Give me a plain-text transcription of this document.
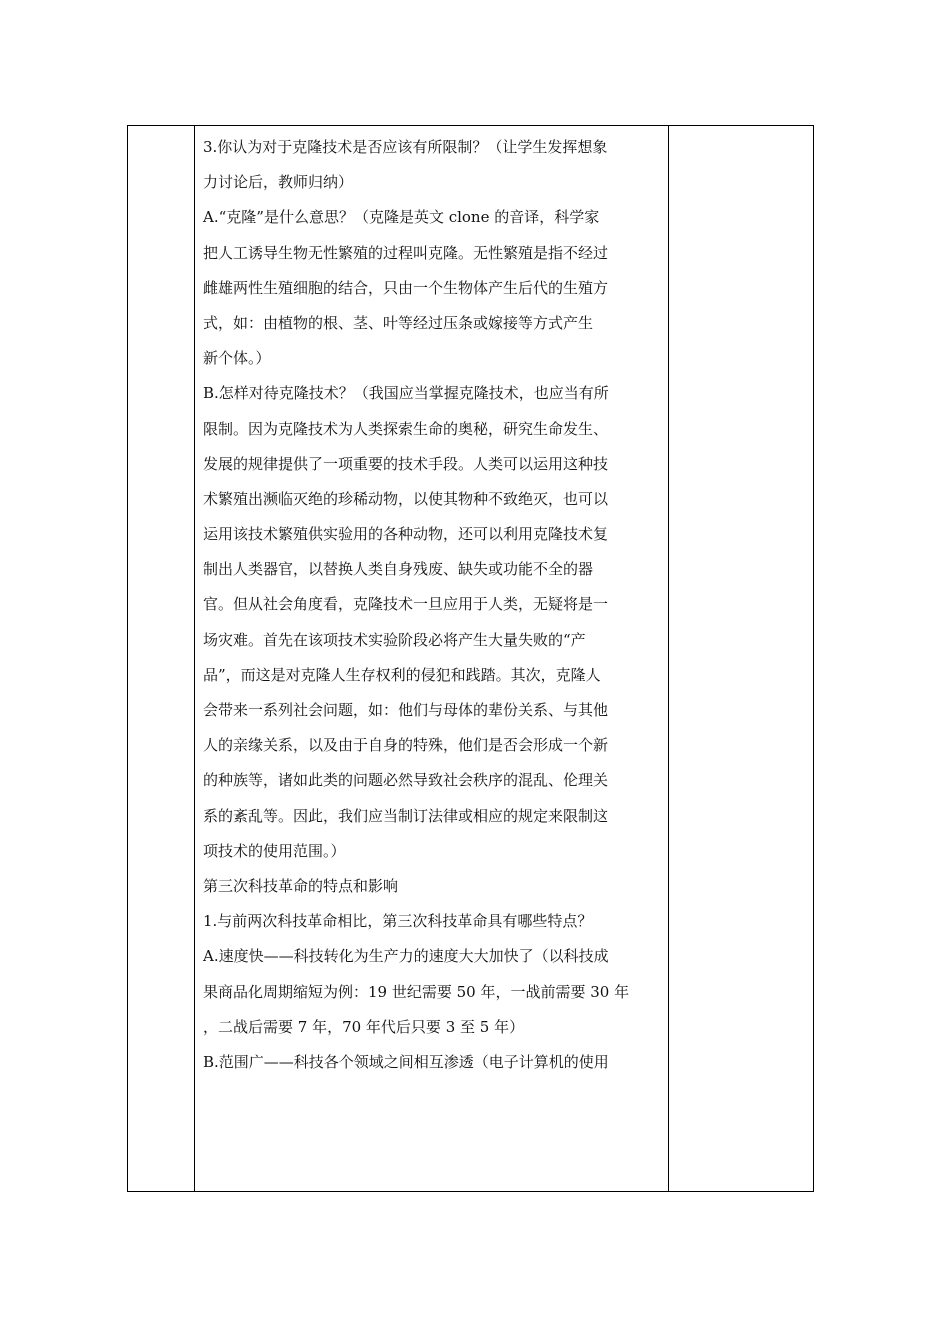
3.你认为对于克隆技术是否应该有所限制？（让学生发挥想象
力讨论后，教师归纳）
A.“克隆”是什么意思？（克隆是英文 clone 的音译，科学家
把人工诱导生物无性繁殖的过程叫克隆。无性繁殖是指不经过
雌雄两性生殖细胞的结合，只由一个生物体产生后代的生殖方
式，如：由植物的根、茎、叶等经过压条或嫁接等方式产生
新个体。）
B.怎样对待克隆技术？（我国应当掌握克隆技术，也应当有所
限制。因为克隆技术为人类探索生命的奥秘，研究生命发生、
发展的规律提供了一项重要的技术手段。人类可以运用这种技
术繁殖出濒临灭绝的珍稀动物，以使其物种不致绝灭，也可以
运用该技术繁殖供实验用的各种动物，还可以利用克隆技术复
制出人类器官，以替换人类自身残废、缺失或功能不全的器
官。但从社会角度看，克隆技术一旦应用于人类，无疑将是一
场灾难。首先在该项技术实验阶段必将产生大量失败的“产
品”，而这是对克隆人生存权利的侵犯和践踏。其次，克隆人
会带来一系列社会问题，如：他们与母体的辈份关系、与其他
人的亲缘关系，以及由于自身的特殊，他们是否会形成一个新
的种族等，诸如此类的问题必然导致社会秩序的混乱、伦理关
系的紊乱等。因此，我们应当制订法律或相应的规定来限制这
项技术的使用范围。）
第三次科技革命的特点和影响
1.与前两次科技革命相比，第三次科技革命具有哪些特点？
A.速度快——科技转化为生产力的速度大大加快了（以科技成
果商品化周期缩短为例：19 世纪需要 50 年，一战前需要 30 年
，二战后需要 7 年，70 年代后只要 3 至 5 年）
B.范围广——科技各个领域之间相互渗透（电子计算机的使用
